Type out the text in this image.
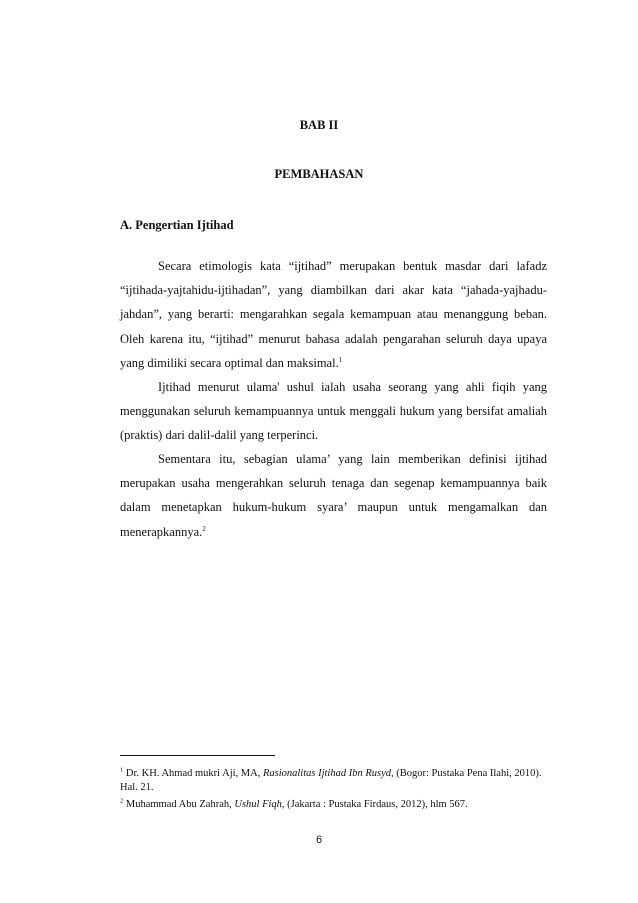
BAB II
PEMBAHASAN
A. Pengertian Ijtihad

Secara etimologis kata “ijtihad” merupakan bentuk masdar dari lafadz “ijtihada-yajtahidu-ijtihadan”, yang diambilkan dari akar kata “jahada-yajhadu-jahdan”, yang berarti: mengarahkan segala kemampuan atau menanggung beban. Oleh karena itu, “ijtihad” menurut bahasa adalah pengarahan seluruh daya upaya yang dimiliki secara optimal dan maksimal.$^1$

Ijtihad menurut ulama' ushul ialah usaha seorang yang ahli fiqih yang menggunakan seluruh kemampuannya untuk menggali hukum yang bersifat amaliah (praktis) dari dalil-dalil yang terperinci.

Sementara itu, sebagian ulama’ yang lain memberikan definisi ijtihad merupakan usaha mengerahkan seluruh tenaga dan segenap kemampuannya baik dalam menetapkan hukum-hukum syara’ maupun untuk mengamalkan dan menerapkannya.$^2$

$^1$ Dr. KH. Ahmad mukri Aji, MA, Rasionalitas Ijtihad Ibn Rusyd, (Bogor: Pustaka Pena Ilahi, 2010). Hal. 21.

$^2$ Muhammad Abu Zahrah, Ushul Fiqh, (Jakarta : Pustaka Firdaus, 2012), hlm 567.

6
